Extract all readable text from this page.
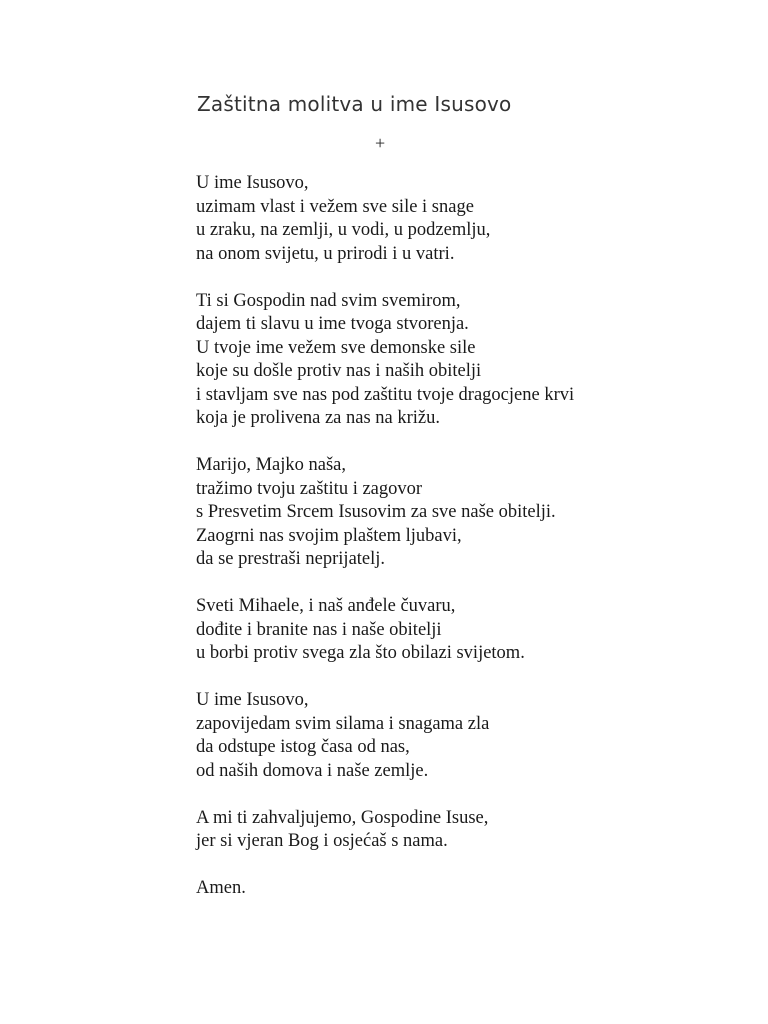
Zaštitna molitva u ime Isusovo
+
U ime Isusovo,
uzimam vlast i vežem sve sile i snage
u zraku, na zemlji, u vodi, u podzemlju,
na onom svijetu, u prirodi i u vatri.
Ti si Gospodin nad svim svemirom,
dajem ti slavu u ime tvoga stvorenja.
U tvoje ime vežem sve demonske sile
koje su došle protiv nas i naših obitelji
i stavljam sve nas pod zaštitu tvoje dragocjene krvi
koja je prolivena za nas na križu.
Marijo, Majko naša,
tražimo tvoju zaštitu i zagovor
s Presvetim Srcem Isusovim za sve naše obitelji.
Zaogrni nas svojim plaštem ljubavi,
da se prestraši neprijatelj.
Sveti Mihaele, i naš anđele čuvaru,
dođite i branite nas i naše obitelji
u borbi protiv svega zla što obilazi svijetom.
U ime Isusovo,
zapovijedam svim silama i snagama zla
da odstupe istog časa od nas,
od naših domova i naše zemlje.
A mi ti zahvaljujemo, Gospodine Isuse,
jer si vjeran Bog i osjećaš s nama.
Amen.
